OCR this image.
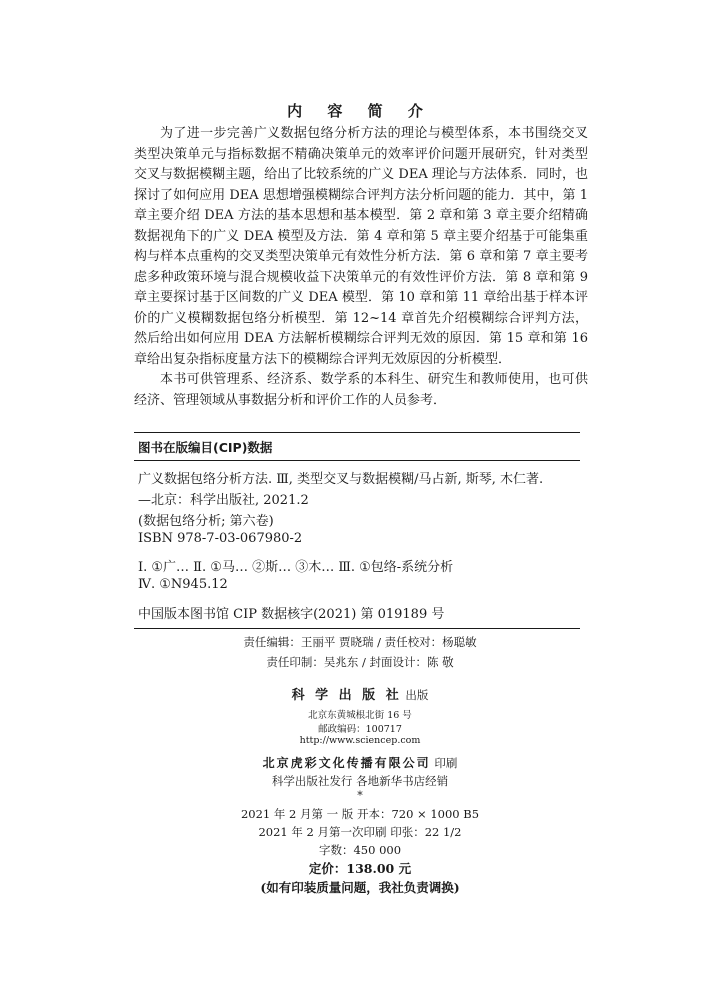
内 容 简 介

为了进一步完善广义数据包络分析方法的理论与模型体系，本书围绕交叉类型决策单元与指标数据不精确决策单元的效率评价问题开展研究，针对类型交叉与数据模糊主题，给出了比较系统的广义 DEA 理论与方法体系．同时，也探讨了如何应用 DEA 思想增强模糊综合评判方法分析问题的能力．其中，第 1 章主要介绍 DEA 方法的基本思想和基本模型．第 2 章和第 3 章主要介绍精确数据视角下的广义 DEA 模型及方法．第 4 章和第 5 章主要介绍基于可能集重构与样本点重构的交叉类型决策单元有效性分析方法．第 6 章和第 7 章主要考虑多种政策环境与混合规模收益下决策单元的有效性评价方法．第 8 章和第 9 章主要探讨基于区间数的广义 DEA 模型．第 10 章和第 11 章给出基于样本评价的广义模糊数据包络分析模型．第 12~14 章首先介绍模糊综合评判方法，然后给出如何应用 DEA 方法解析模糊综合评判无效的原因．第 15 章和第 16 章给出复杂指标度量方法下的模糊综合评判无效原因的分析模型．

本书可供管理系、经济系、数学系的本科生、研究生和教师使用，也可供经济、管理领域从事数据分析和评价工作的人员参考．

图书在版编目(CIP)数据
广义数据包络分析方法. Ⅲ, 类型交叉与数据模糊/马占新, 斯琴, 木仁著.
—北京：科学出版社, 2021.2
(数据包络分析; 第六卷)
ISBN 978-7-03-067980-2
Ⅰ. ①广… Ⅱ. ①马… ②斯… ③木… Ⅲ. ①包络-系统分析
Ⅳ. ①N945.12
中国版本图书馆 CIP 数据核字(2021) 第 019189 号
责任编辑：王丽平 贾晓瑞 / 责任校对：杨聪敏
责任印制：吴兆东 / 封面设计：陈 敬
科 学 出 版 社 出版
北京东黄城根北街 16 号
邮政编码：100717
http://www.sciencep.com
北京虎彩文化传播有限公司 印刷
科学出版社发行 各地新华书店经销
*
2021 年 2 月第 一 版 开本：720 × 1000 B5
2021 年 2 月第一次印刷 印张：22 1/2
字数：450 000
定价：138.00 元
(如有印装质量问题，我社负责调换)
